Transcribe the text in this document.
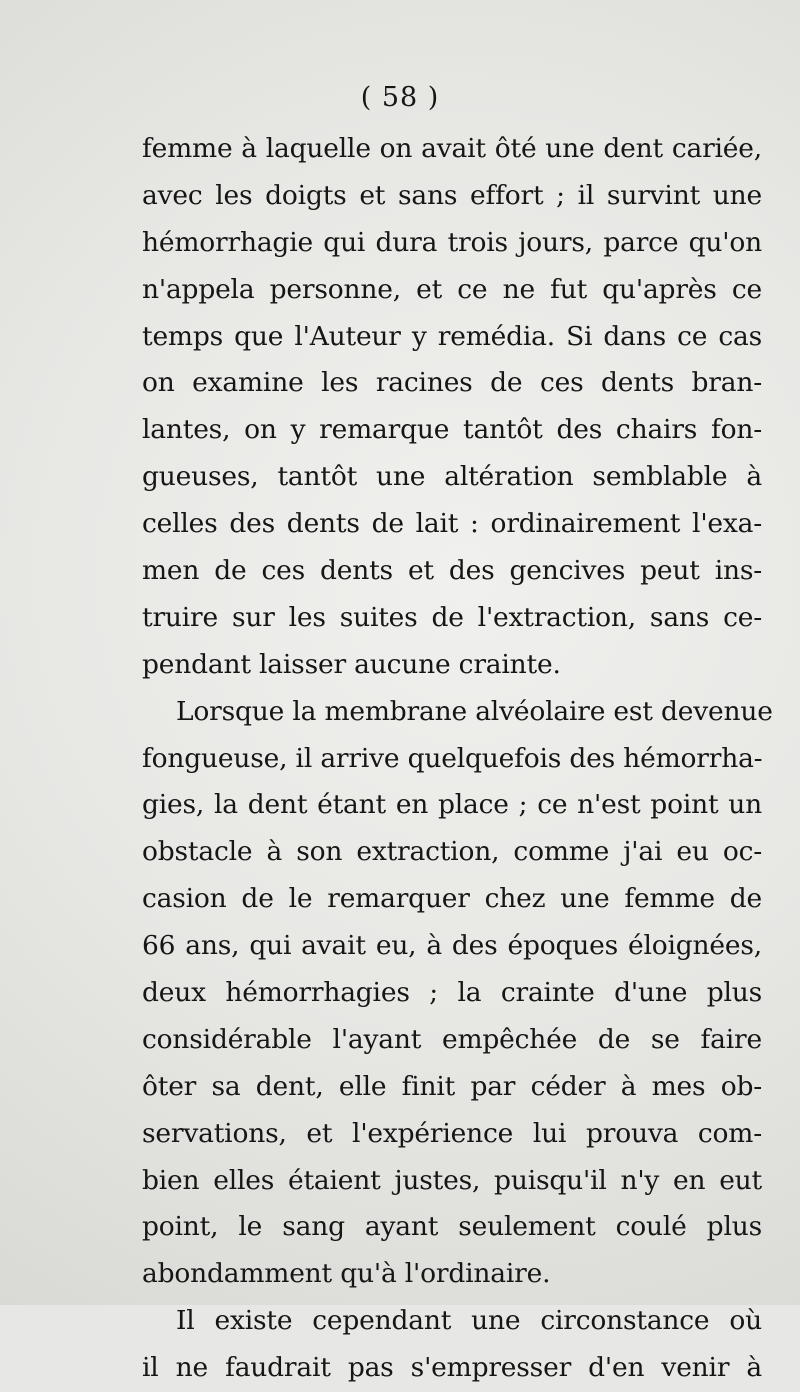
( 58 )
femme à laquelle on avait ôté une dent cariée,
avec les doigts et sans effort ; il survint une
hémorrhagie qui dura trois jours, parce qu'on
n'appela personne, et ce ne fut qu'après ce
temps que l'Auteur y remédia. Si dans ce cas
on examine les racines de ces dents bran-
lantes, on y remarque tantôt des chairs fon-
gueuses, tantôt une altération semblable à
celles des dents de lait : ordinairement l'exa-
men de ces dents et des gencives peut ins-
truire sur les suites de l'extraction, sans ce-
pendant laisser aucune crainte.
Lorsque la membrane alvéolaire est devenue
fongueuse, il arrive quelquefois des hémorrha-
gies, la dent étant en place ; ce n'est point un
obstacle à son extraction, comme j'ai eu oc-
casion de le remarquer chez une femme de
66 ans, qui avait eu, à des époques éloignées,
deux hémorrhagies ; la crainte d'une plus
considérable l'ayant empêchée de se faire
ôter sa dent, elle finit par céder à mes ob-
servations, et l'expérience lui prouva com-
bien elles étaient justes, puisqu'il n'y en eut
point, le sang ayant seulement coulé plus
abondamment qu'à l'ordinaire.
Il existe cependant une circonstance où
il ne faudrait pas s'empresser d'en venir à
